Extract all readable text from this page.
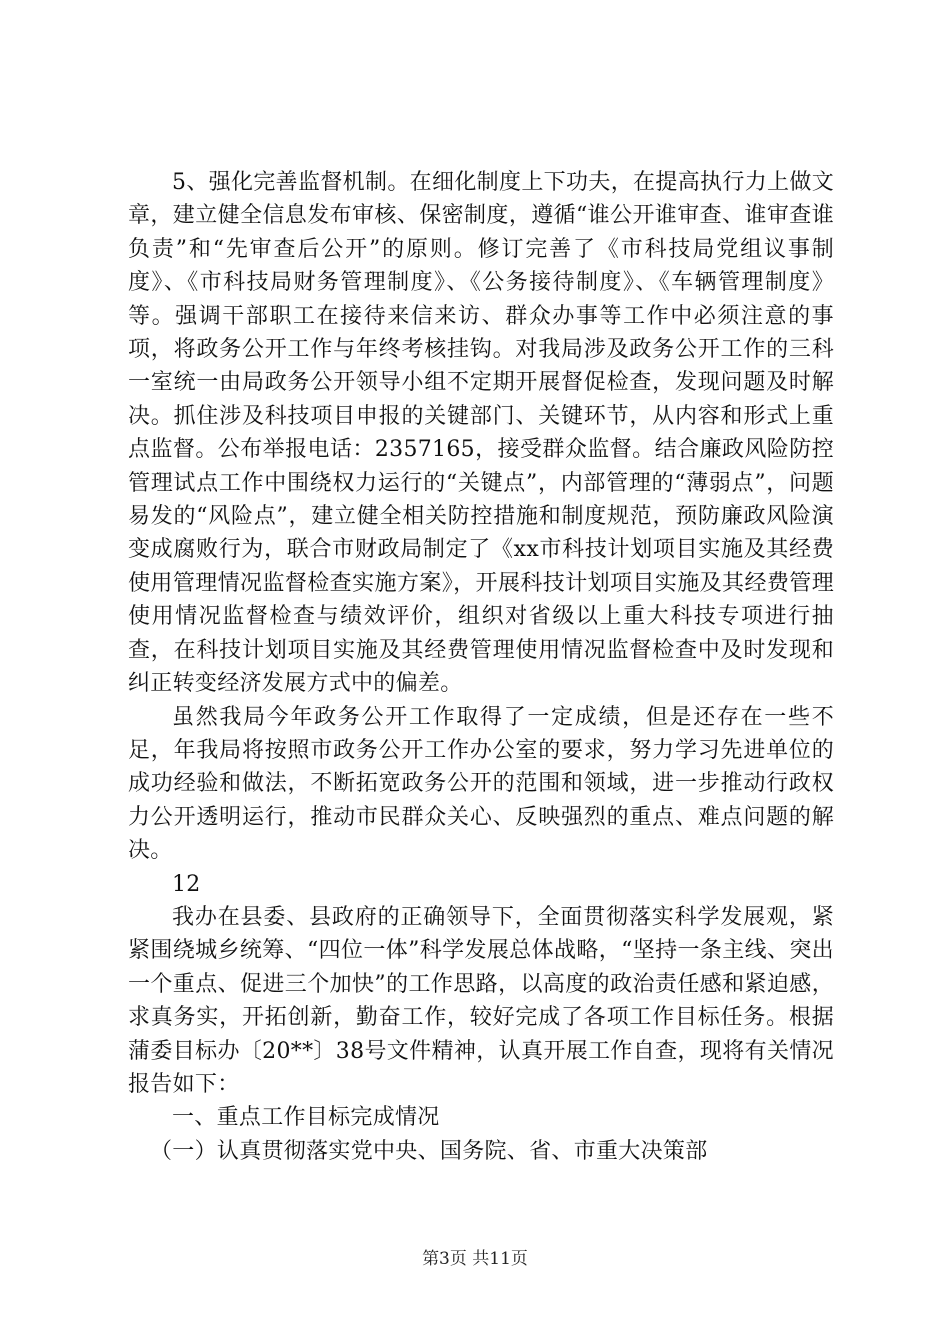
5、强化完善监督机制。在细化制度上下功夫，在提高执行力上做文章，建立健全信息发布审核、保密制度，遵循“谁公开谁审查、谁审查谁负责”和“先审查后公开”的原则。修订完善了《市科技局党组议事制度》、《市科技局财务管理制度》、《公务接待制度》、《车辆管理制度》等。强调干部职工在接待来信来访、群众办事等工作中必须注意的事项，将政务公开工作与年终考核挂钩。对我局涉及政务公开工作的三科一室统一由局政务公开领导小组不定期开展督促检查，发现问题及时解决。抓住涉及科技项目申报的关键部门、关键环节，从内容和形式上重点监督。公布举报电话：2357165，接受群众监督。结合廉政风险防控管理试点工作中围绕权力运行的“关键点”，内部管理的“薄弱点”，问题易发的“风险点”，建立健全相关防控措施和制度规范，预防廉政风险演变成腐败行为，联合市财政局制定了《xx市科技计划项目实施及其经费使用管理情况监督检查实施方案》，开展科技计划项目实施及其经费管理使用情况监督检查与绩效评价，组织对省级以上重大科技专项进行抽查，在科技计划项目实施及其经费管理使用情况监督检查中及时发现和纠正转变经济发展方式中的偏差。

虽然我局今年政务公开工作取得了一定成绩，但是还存在一些不足，年我局将按照市政务公开工作办公室的要求，努力学习先进单位的成功经验和做法，不断拓宽政务公开的范围和领域，进一步推动行政权力公开透明运行，推动市民群众关心、反映强烈的重点、难点问题的解决。

12

我办在县委、县政府的正确领导下，全面贯彻落实科学发展观，紧紧围绕城乡统筹、“四位一体”科学发展总体战略，“坚持一条主线、突出一个重点、促进三个加快”的工作思路，以高度的政治责任感和紧迫感，求真务实，开拓创新，勤奋工作，较好完成了各项工作目标任务。根据蒲委目标办〔20**〕38号文件精神，认真开展工作自查，现将有关情况报告如下：

一、重点工作目标完成情况

（一）认真贯彻落实党中央、国务院、省、市重大决策部

第3页 共11页
